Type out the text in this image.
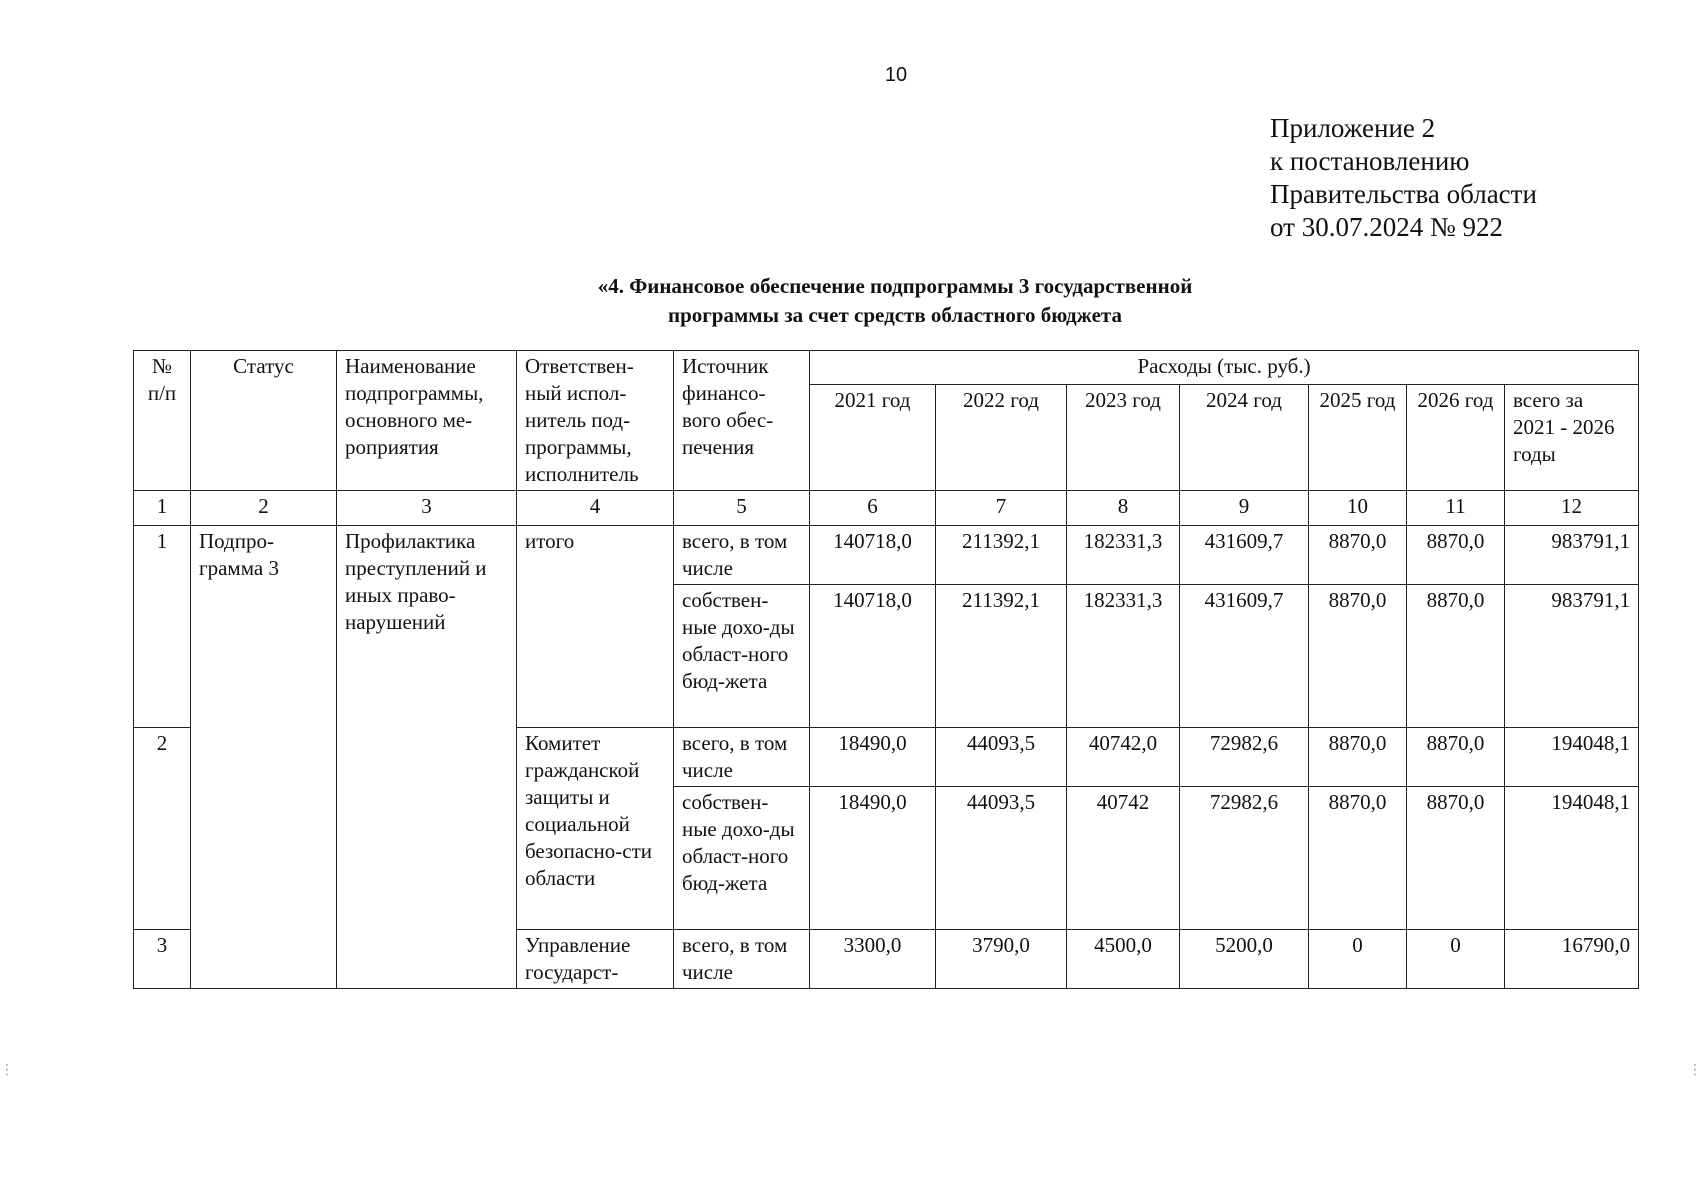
10
Приложение 2
к постановлению
Правительства области
от 30.07.2024 № 922
«4. Финансовое обеспечение подпрограммы 3 государственной
программы за счет средств областного бюджета
№ п/п	Статус	Наименование подпрограммы, основного ме-роприятия	Ответствен-ный испол-нитель под-программы, исполнитель	Источник финансо-вого обес-печения	Расходы (тыс. руб.)						
					2021 год	2022 год	2023 год	2024 год	2025 год	2026 год	всего за 2021 - 2026 годы
1	2	3	4	5	6	7	8	9	10	11	12
1	Подпро-грамма 3	Профилактика преступлений и иных право-нарушений	итого	всего, в том числе	140718,0	211392,1	182331,3	431609,7	8870,0	8870,0	983791,1
				собствен-ные дохо-ды област-ного бюд-жета	140718,0	211392,1	182331,3	431609,7	8870,0	8870,0	983791,1
2			Комитет гражданской защиты и социальной безопасно-сти области	всего, в том числе	18490,0	44093,5	40742,0	72982,6	8870,0	8870,0	194048,1
				собствен-ные дохо-ды област-ного бюд-жета	18490,0	44093,5	40742	72982,6	8870,0	8870,0	194048,1
3			Управление государст-	всего, в том числе	3300,0	3790,0	4500,0	5200,0	0	0	16790,0
⋮	⋮
